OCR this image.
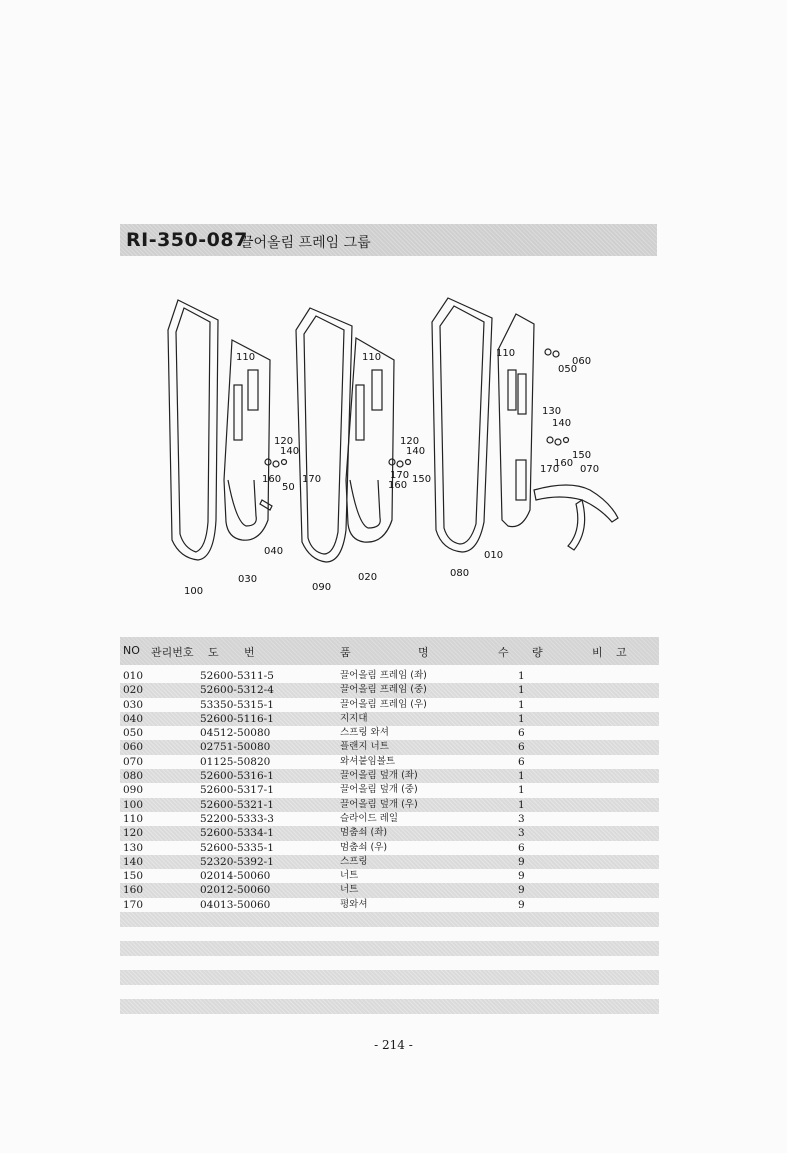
RI-350-087
끌어올림 프레임 그룹
110	110	110
060
050
130
140
120
140
120
140	150
160
170
160	150
50
170	170
160
070
040
030
100	090
020	080
010
NO 관리번호 도 번	품	명	수 량	비 고
010	52600-5311-5	끌어올림 프레임 (좌)	1
020	52600-5312-4	끌어올림 프레임 (중)	1
030	53350-5315-1	끌어올림 프레임 (우)	1
040	52600-5116-1	지지대	1
050	04512-50080	스프링 와셔	6
060	02751-50080	플랜지 너트	6
070	01125-50820	와셔붙임볼트	6
080	52600-5316-1	끌어올림 덮개 (좌)	1
090	52600-5317-1	끌어올림 덮개 (중)	1
100	52600-5321-1	끌어올림 덮개 (우)	1
110	52200-5333-3	슬라이드 레일	3
120	52600-5334-1	멈춤쇠 (좌)	3
130	52600-5335-1	멈춤쇠 (우)	6
140	52320-5392-1	스프링	9
150	02014-50060	너트	9
160	02012-50060	너트	9
170	04013-50060	평와셔	9
- 214 -
